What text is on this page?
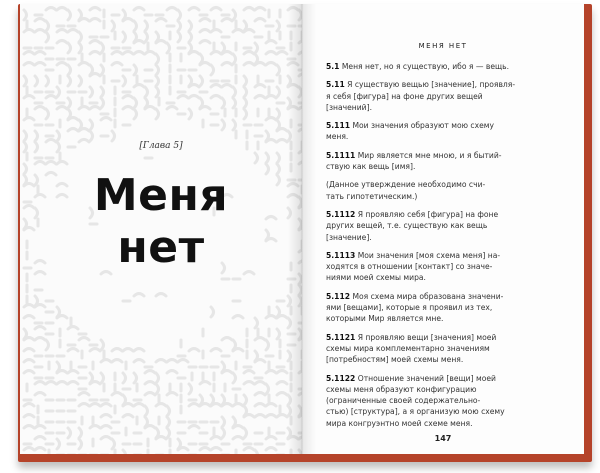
[Глава 5]
Меня
нет
МЕНЯ НЕТ
5.1 Меня нет, но я существую, ибо я — вещь.
5.11 Я существую вещью [значение], проявля-
я себя [фигура] на фоне других вещей
[значений].
5.111 Мои значения образуют мою схему
меня.
5.1111 Мир является мне мною, и я бытий-
ствую как вещь [имя].
(Данное утверждение необходимо счи-
тать гипотетическим.)
5.1112 Я проявляю себя [фигура] на фоне
других вещей, т.е. существую как вещь
[значение].
5.1113 Мои значения [моя схема меня] на-
ходятся в отношении [контакт] со значе-
ниями моей схемы мира.
5.112 Моя схема мира образована значени-
ями [вещами], которые я проявил из тех,
которыми Мир является мне.
5.1121 Я проявляю вещи [значения] моей
схемы мира комплементарно значениям
[потребностям] моей схемы меня.
5.1122 Отношение значений [вещи] моей
схемы меня образуют конфигурацию
(ограниченные своей содержательно-
стью) [структура], а я организую мою схему
мира конгруэнтно моей схеме меня.
147
